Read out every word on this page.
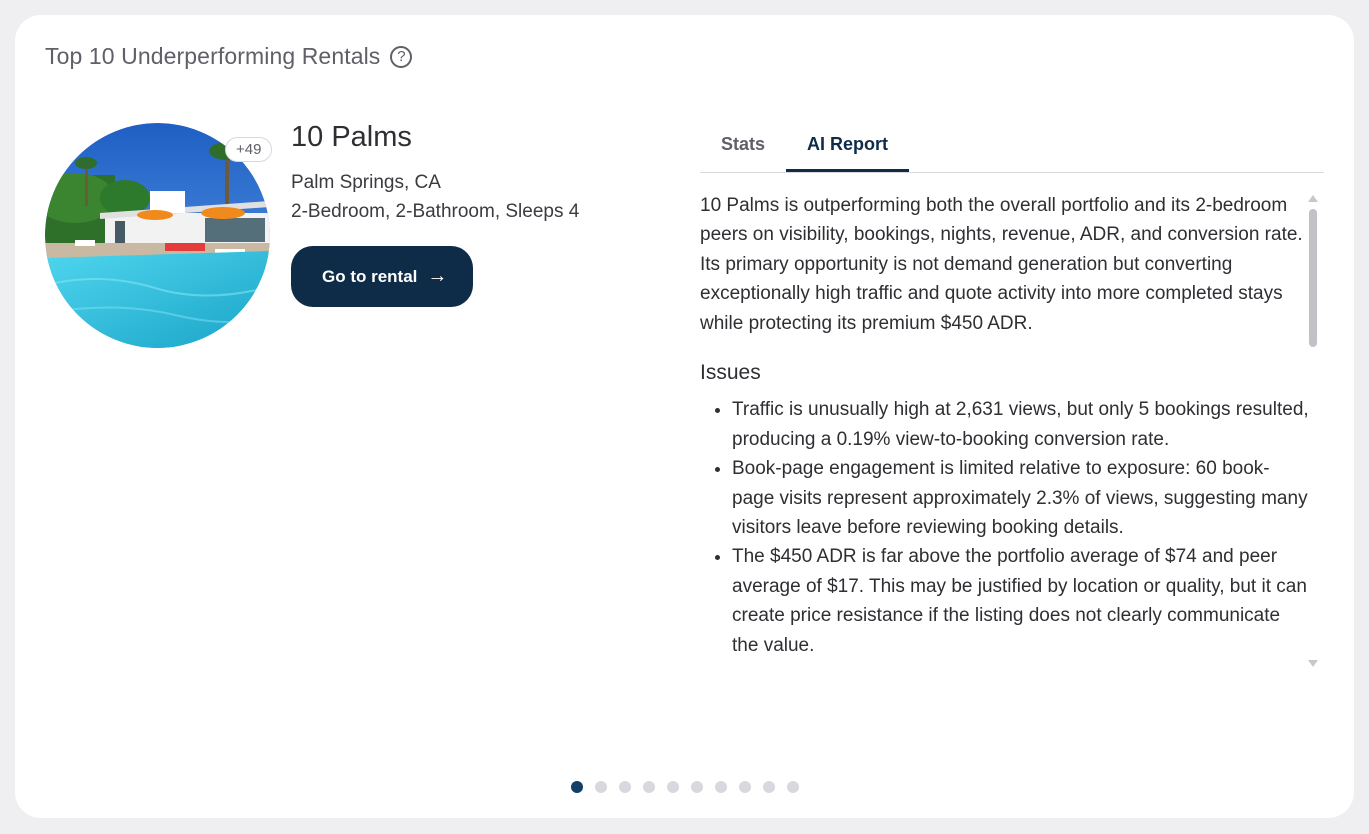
Top 10 Underperforming Rentals	?
+49	10 Palms
Palm Springs, CA
2-Bedroom, 2-Bathroom, Sleeps 4
Go to rental →
Stats	AI Report

10 Palms is outperforming both the overall portfolio and its 2-bedroom peers on visibility, bookings, nights, revenue, ADR, and conversion rate. Its primary opportunity is not demand generation but converting exceptionally high traffic and quote activity into more completed stays while protecting its premium $450 ADR.

Issues
• Traffic is unusually high at 2,631 views, but only 5 bookings resulted, producing a 0.19% view-to-booking conversion rate.
• Book-page engagement is limited relative to exposure: 60 book-page visits represent approximately 2.3% of views, suggesting many visitors leave before reviewing booking details.
• The $450 ADR is far above the portfolio average of $74 and peer average of $17. This may be justified by location or quality, but it can create price resistance if the listing does not clearly communicate the value.
